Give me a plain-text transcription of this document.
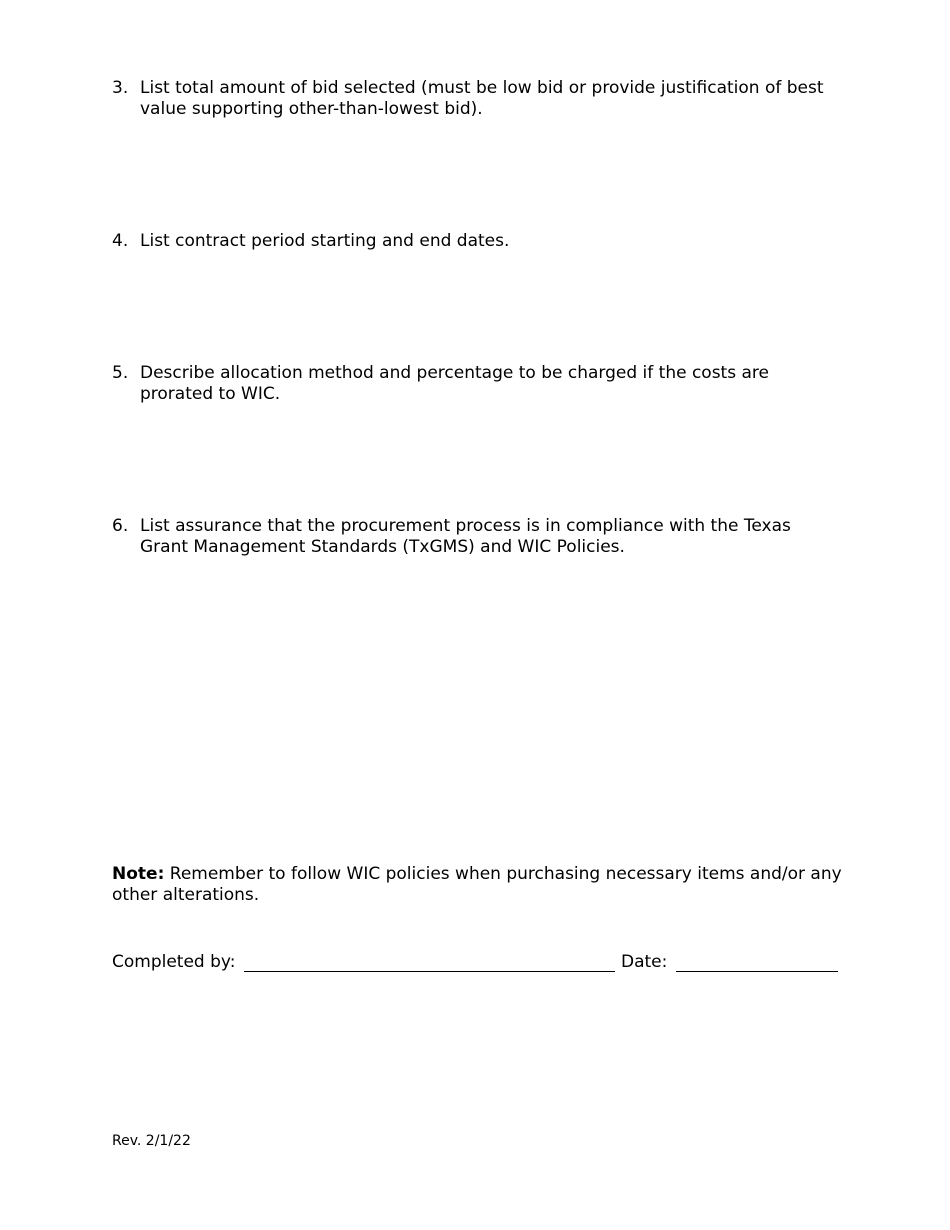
3. List total amount of bid selected (must be low bid or provide justification of best value supporting other-than-lowest bid).
4. List contract period starting and end dates.
5. Describe allocation method and percentage to be charged if the costs are prorated to WIC.
6. List assurance that the procurement process is in compliance with the Texas Grant Management Standards (TxGMS) and WIC Policies.
Note: Remember to follow WIC policies when purchasing necessary items and/or any other alterations.
Completed by:	Date:
Rev. 2/1/22
